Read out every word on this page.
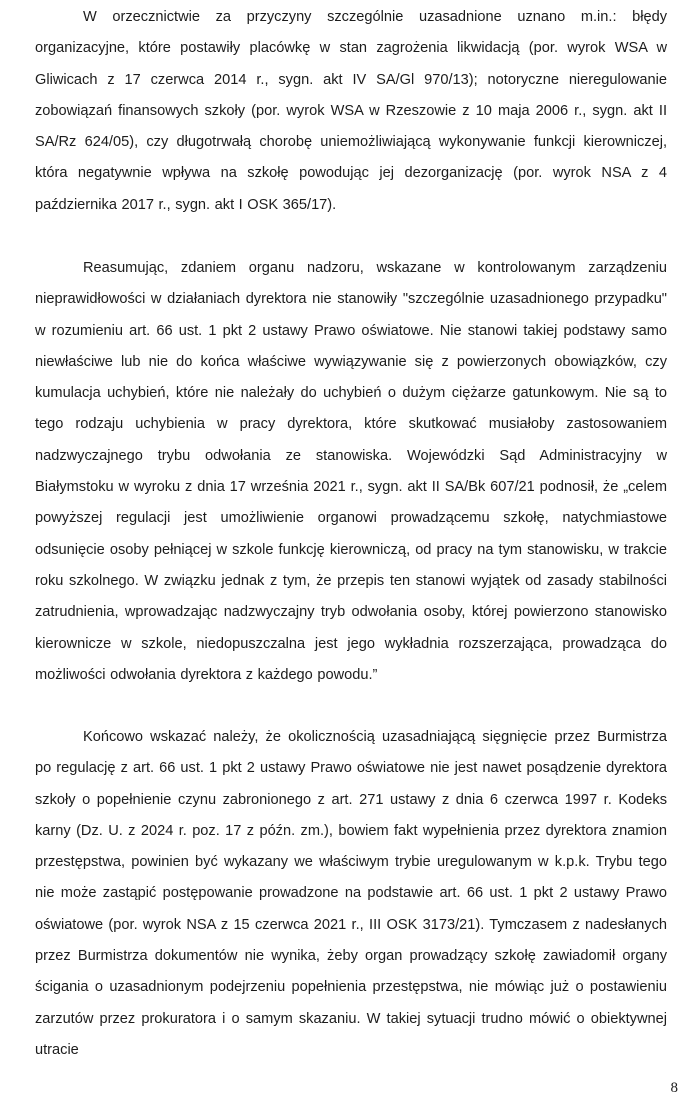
W orzecznictwie za przyczyny szczególnie uzasadnione uznano m.in.: błędy organizacyjne, które postawiły placówkę w stan zagrożenia likwidacją (por. wyrok WSA w Gliwicach z 17 czerwca 2014 r., sygn. akt IV SA/Gl 970/13); notoryczne nieregulowanie zobowiązań finansowych szkoły (por. wyrok WSA w Rzeszowie z 10 maja 2006 r., sygn. akt II SA/Rz 624/05), czy długotrwałą chorobę uniemożliwiającą wykonywanie funkcji kierowniczej, która negatywnie wpływa na szkołę powodując jej dezorganizację (por. wyrok NSA z 4 października 2017 r., sygn. akt I OSK 365/17).

Reasumując, zdaniem organu nadzoru, wskazane w kontrolowanym zarządzeniu nieprawidłowości w działaniach dyrektora nie stanowiły "szczególnie uzasadnionego przypadku" w rozumieniu art. 66 ust. 1 pkt 2 ustawy Prawo oświatowe. Nie stanowi takiej podstawy samo niewłaściwe lub nie do końca właściwe wywiązywanie się z powierzonych obowiązków, czy kumulacja uchybień, które nie należały do uchybień o dużym ciężarze gatunkowym. Nie są to tego rodzaju uchybienia w pracy dyrektora, które skutkować musiałoby zastosowaniem nadzwyczajnego trybu odwołania ze stanowiska. Wojewódzki Sąd Administracyjny w Białymstoku w wyroku z dnia 17 września 2021 r., sygn. akt II SA/Bk 607/21 podnosił, że „celem powyższej regulacji jest umożliwienie organowi prowadzącemu szkołę, natychmiastowe odsunięcie osoby pełniącej w szkole funkcję kierowniczą, od pracy na tym stanowisku, w trakcie roku szkolnego. W związku jednak z tym, że przepis ten stanowi wyjątek od zasady stabilności zatrudnienia, wprowadzając nadzwyczajny tryb odwołania osoby, której powierzono stanowisko kierownicze w szkole, niedopuszczalna jest jego wykładnia rozszerzająca, prowadząca do możliwości odwołania dyrektora z każdego powodu.”

Końcowo wskazać należy, że okolicznością uzasadniającą sięgnięcie przez Burmistrza po regulację z art. 66 ust. 1 pkt 2 ustawy Prawo oświatowe nie jest nawet posądzenie dyrektora szkoły o popełnienie czynu zabronionego z art. 271 ustawy z dnia 6 czerwca 1997 r. Kodeks karny (Dz. U. z 2024 r. poz. 17 z późn. zm.), bowiem fakt wypełnienia przez dyrektora znamion przestępstwa, powinien być wykazany we właściwym trybie uregulowanym w k.p.k. Trybu tego nie może zastąpić postępowanie prowadzone na podstawie art. 66 ust. 1 pkt 2 ustawy Prawo oświatowe (por. wyrok NSA z 15 czerwca 2021 r., III OSK 3173/21). Tymczasem z nadesłanych przez Burmistrza dokumentów nie wynika, żeby organ prowadzący szkołę zawiadomił organy ścigania o uzasadnionym podejrzeniu popełnienia przestępstwa, nie mówiąc już o postawieniu zarzutów przez prokuratora i o samym skazaniu. W takiej sytuacji trudno mówić o obiektywnej utracie

8
